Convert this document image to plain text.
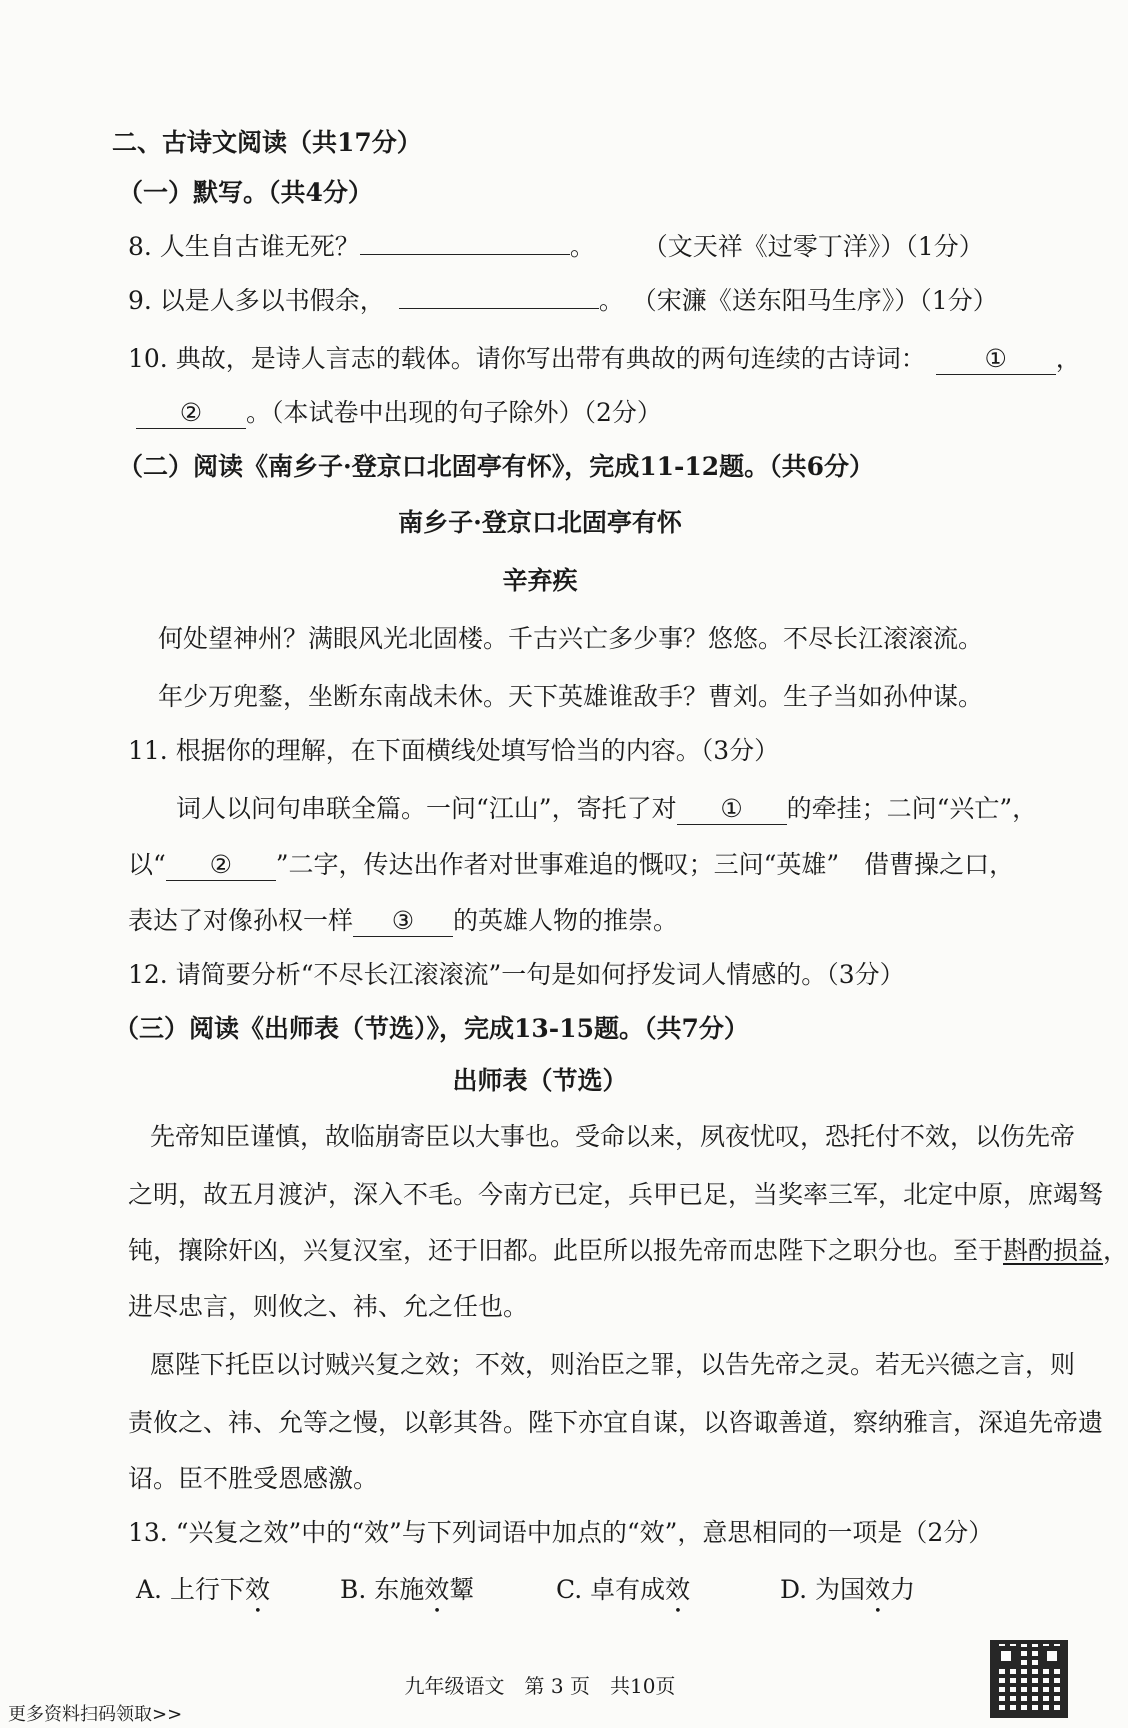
二、古诗文阅读（共17分）
（一）默写。（共4分）
8. 人生自古谁无死？	。 （文天祥《过零丁洋》）（1分）
9. 以是人多以书假余，	。 （宋濂《送东阳马生序》）（1分）
10. 典故，是诗人言志的载体。请你写出带有典故的两句连续的古诗词： ① ，
② 。（本试卷中出现的句子除外）（2分）
（二）阅读《南乡子·登京口北固亭有怀》，完成11-12题。（共6分）
南乡子·登京口北固亭有怀
辛弃疾
何处望神州？满眼风光北固楼。千古兴亡多少事？悠悠。不尽长江滚滚流。
年少万兜鍪，坐断东南战未休。天下英雄谁敌手？曹刘。生子当如孙仲谋。
11. 根据你的理解，在下面横线处填写恰当的内容。（3分）
词人以问句串联全篇。一问“江山”，寄托了对 ① 的牵挂；二问“兴亡”，
以“ ② ”二字，传达出作者对世事难追的慨叹；三问“英雄”　借曹操之口，
表达了对像孙权一样 ③ 的英雄人物的推崇。
12. 请简要分析“不尽长江滚滚流”一句是如何抒发词人情感的。（3分）
（三）阅读《出师表（节选）》，完成13-15题。（共7分）
出师表（节选）
先帝知臣谨慎，故临崩寄臣以大事也。受命以来，夙夜忧叹，恐托付不效，以伤先帝
之明，故五月渡泸，深入不毛。今南方已定，兵甲已足，当奖率三军，北定中原，庶竭驽
钝，攘除奸凶，兴复汉室，还于旧都。此臣所以报先帝而忠陛下之职分也。至于斟酌损益，
进尽忠言，则攸之、祎、允之任也。
愿陛下托臣以讨贼兴复之效；不效，则治臣之罪，以告先帝之灵。若无兴德之言，则
责攸之、祎、允等之慢，以彰其咎。陛下亦宜自谋，以咨诹善道，察纳雅言，深追先帝遗
诏。臣不胜受恩感激。
13. “兴复之效”中的“效”与下列词语中加点的“效”，意思相同的一项是（2分）
A. 上行下效	B. 东施效颦	C. 卓有成效	D. 为国效力
九年级语文　第 3 页　共10页
更多资料扫码领取>>
